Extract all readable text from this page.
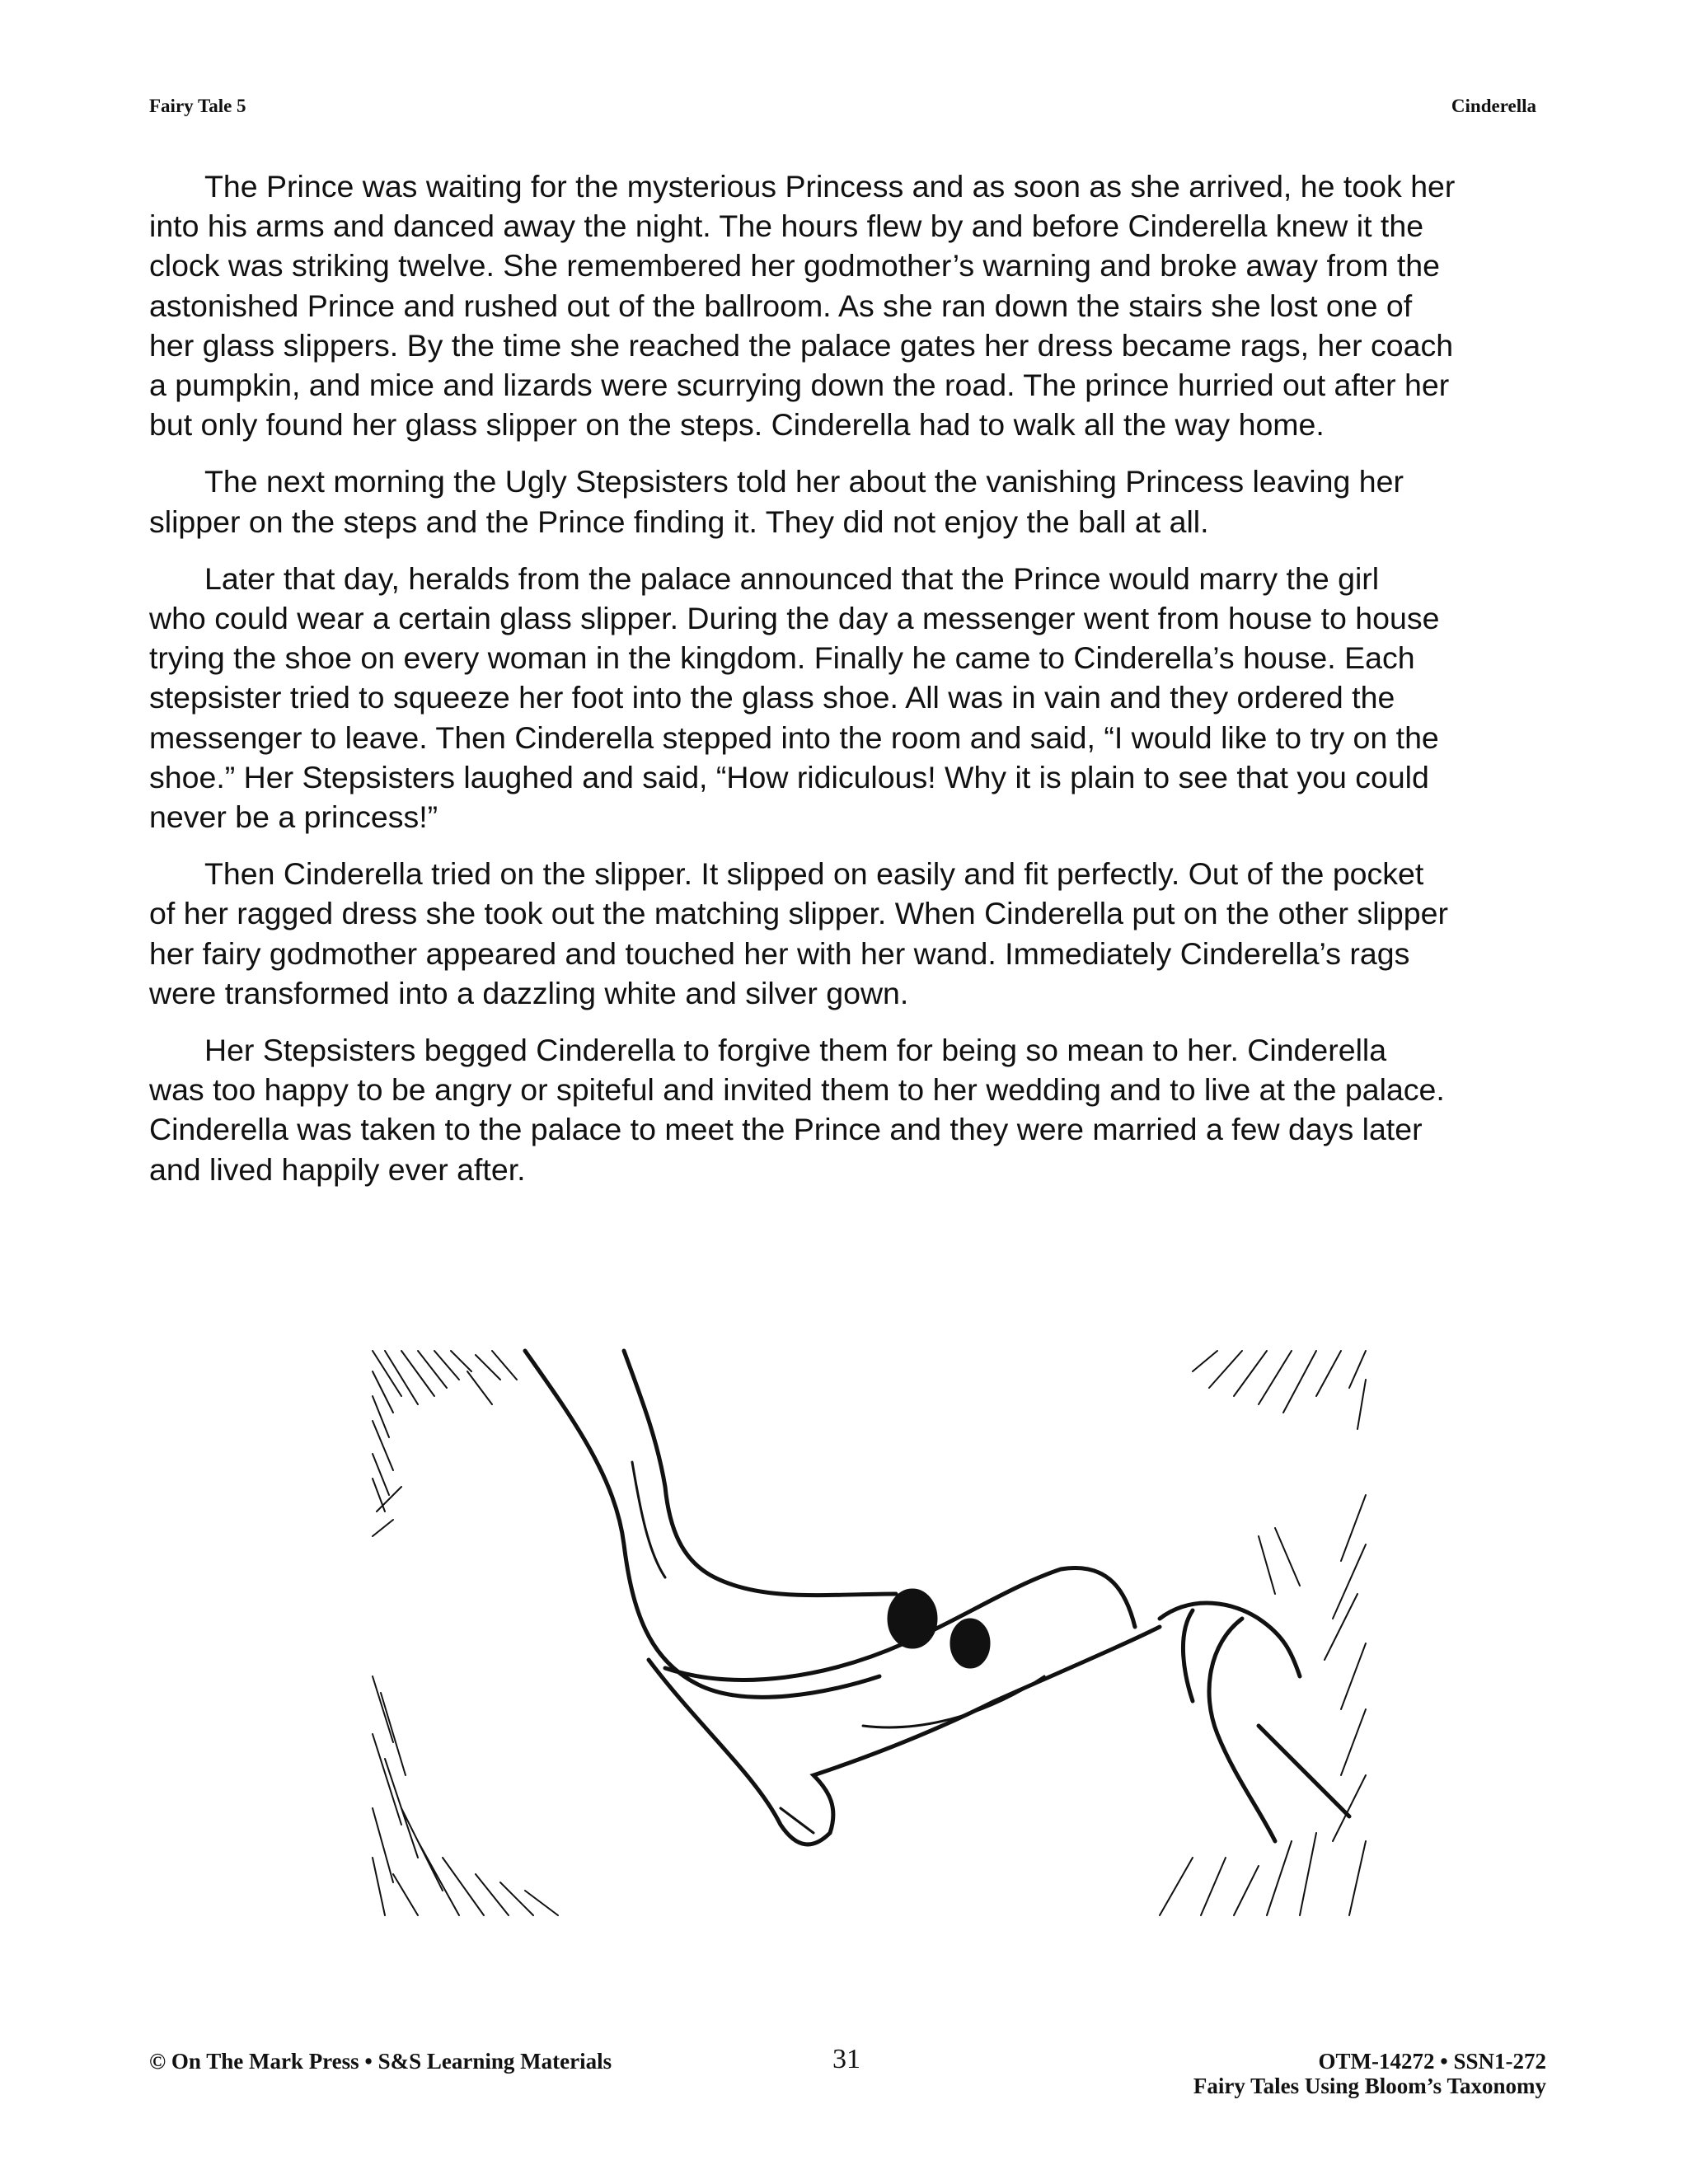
Fairy Tale 5	Cinderella

The Prince was waiting for the mysterious Princess and as soon as she arrived, he took her
into his arms and danced away the night. The hours flew by and before Cinderella knew it the
clock was striking twelve. She remembered her godmother’s warning and broke away from the
astonished Prince and rushed out of the ballroom. As she ran down the stairs she lost one of
her glass slippers. By the time she reached the palace gates her dress became rags, her coach
a pumpkin, and mice and lizards were scurrying down the road. The prince hurried out after her
but only found her glass slipper on the steps. Cinderella had to walk all the way home.

The next morning the Ugly Stepsisters told her about the vanishing Princess leaving her
slipper on the steps and the Prince finding it. They did not enjoy the ball at all.

Later that day, heralds from the palace announced that the Prince would marry the girl
who could wear a certain glass slipper. During the day a messenger went from house to house
trying the shoe on every woman in the kingdom. Finally he came to Cinderella’s house. Each
stepsister tried to squeeze her foot into the glass shoe. All was in vain and they ordered the
messenger to leave. Then Cinderella stepped into the room and said, “I would like to try on the
shoe.” Her Stepsisters laughed and said, “How ridiculous! Why it is plain to see that you could
never be a princess!”

Then Cinderella tried on the slipper. It slipped on easily and fit perfectly. Out of the pocket
of her ragged dress she took out the matching slipper. When Cinderella put on the other slipper
her fairy godmother appeared and touched her with her wand. Immediately Cinderella’s rags
were transformed into a dazzling white and silver gown.

Her Stepsisters begged Cinderella to forgive them for being so mean to her. Cinderella
was too happy to be angry or spiteful and invited them to her wedding and to live at the palace.
Cinderella was taken to the palace to meet the Prince and they were married a few days later
and lived happily ever after.

© On The Mark Press • S&S Learning Materials	31	OTM-14272 • SSN1-272
Fairy Tales Using Bloom’s Taxonomy
